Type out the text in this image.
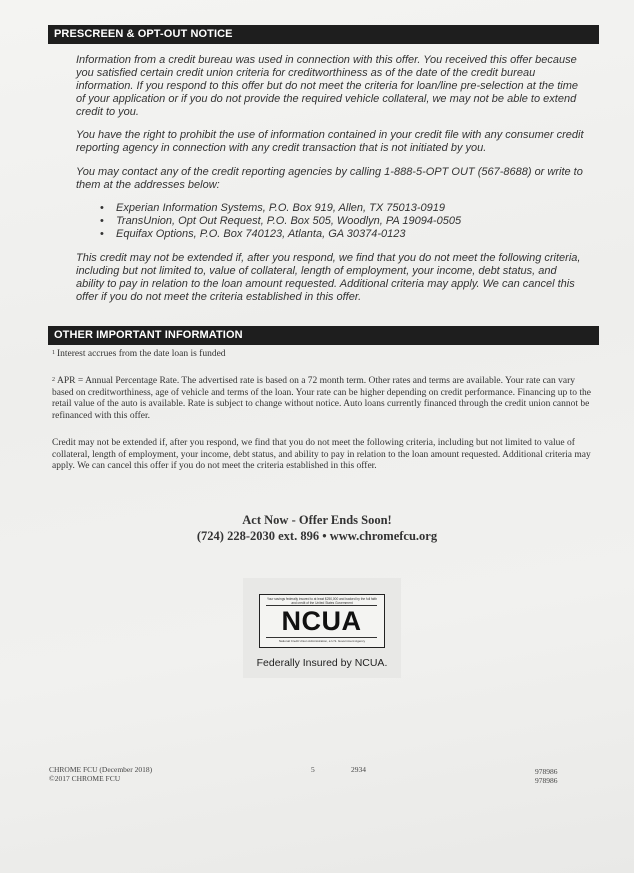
PRESCREEN & OPT-OUT NOTICE
Information from a credit bureau was used in connection with this offer. You received this offer because you satisfied certain credit union criteria for creditworthiness as of the date of the credit bureau information. If you respond to this offer but do not meet the criteria for loan/line pre-selection at the time of your application or if you do not provide the required vehicle collateral, we may not be able to extend credit to you.
You have the right to prohibit the use of information contained in your credit file with any consumer credit reporting agency in connection with any credit transaction that is not initiated by you.
You may contact any of the credit reporting agencies by calling 1-888-5-OPT OUT (567-8688) or write to them at the addresses below:
• Experian Information Systems, P.O. Box 919, Allen, TX 75013-0919
• TransUnion, Opt Out Request, P.O. Box 505, Woodlyn, PA 19094-0505
• Equifax Options, P.O. Box 740123, Atlanta, GA 30374-0123
This credit may not be extended if, after you respond, we find that you do not meet the following criteria, including but not limited to, value of collateral, length of employment, your income, debt status, and ability to pay in relation to the loan amount requested. Additional criteria may apply. We can cancel this offer if you do not meet the criteria established in this offer.
OTHER IMPORTANT INFORMATION
$^1$ Interest accrues from the date loan is funded
$^2$ APR = Annual Percentage Rate. The advertised rate is based on a 72 month term. Other rates and terms are available. Your rate can vary based on creditworthiness, age of vehicle and terms of the loan. Your rate can be higher depending on credit performance. Financing up to the retail value of the auto is available. Rate is subject to change without notice. Auto loans currently financed through the credit union cannot be refinanced with this offer.
Credit may not be extended if, after you respond, we find that you do not meet the following criteria, including but not limited to value of collateral, length of employment, your income, debt status, and ability to pay in relation to the loan amount requested. Additional criteria may apply. We can cancel this offer if you do not meet the criteria established in this offer.
Act Now - Offer Ends Soon!
(724) 228-2030 ext. 896 • www.chromefcu.org
Your savings federally insured to at least $250,000 and backed by the full faith and credit of the United States Government
NCUA
National Credit Union Administration, a U.S. Government Agency
Federally Insured by NCUA.
CHROME FCU (December 2018)
©2017 CHROME FCU
5	2934	978986
978986
